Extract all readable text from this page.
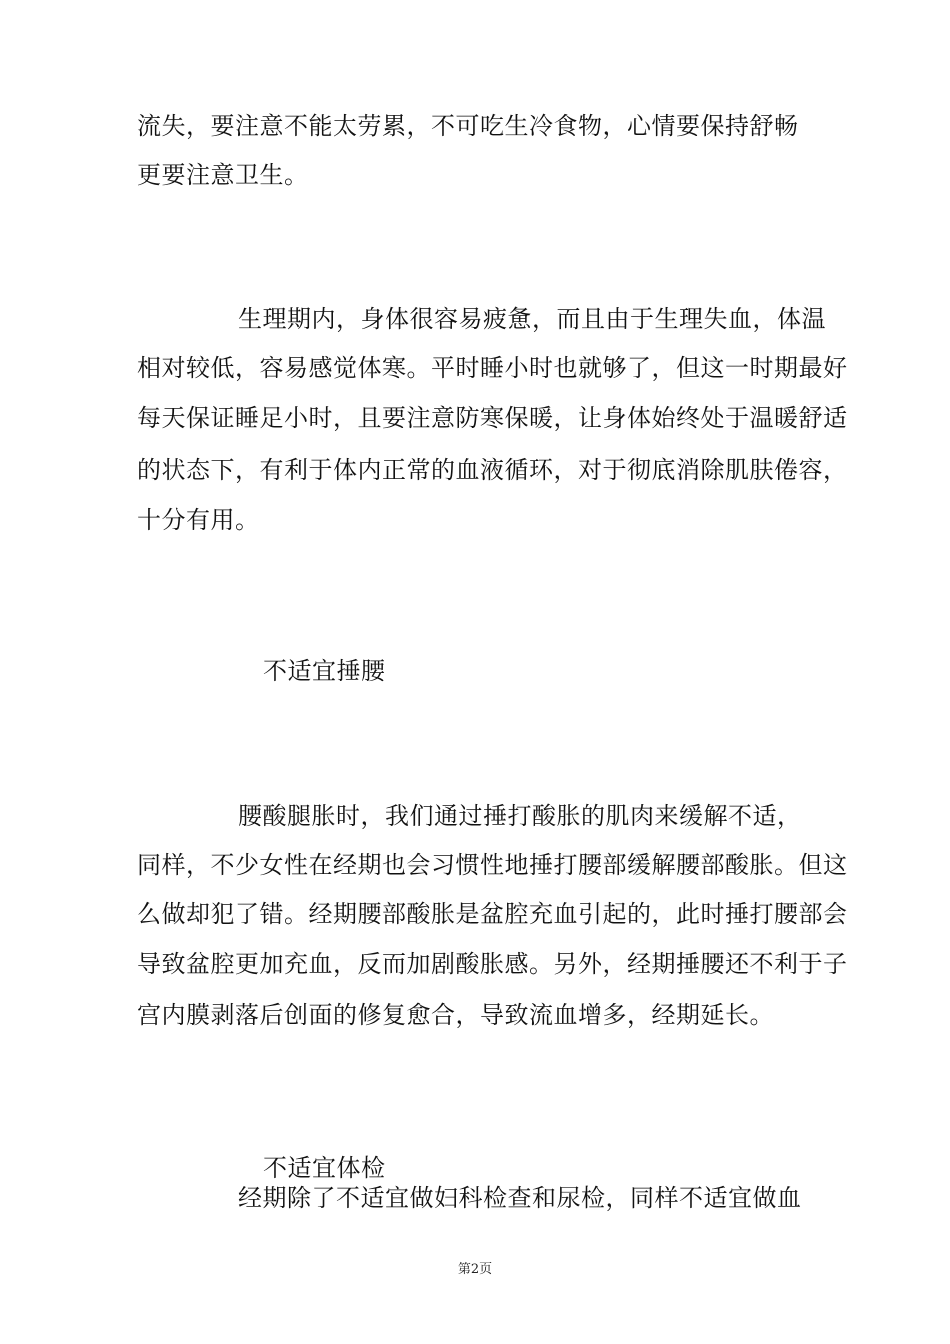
流失，要注意不能太劳累，不可吃生冷食物，心情要保持舒畅
更要注意卫生。
生理期内，身体很容易疲惫，而且由于生理失血，体温
相对较低，容易感觉体寒。平时睡小时也就够了，但这一时期最好
每天保证睡足小时，且要注意防寒保暖，让身体始终处于温暖舒适
的状态下，有利于体内正常的血液循环，对于彻底消除肌肤倦容，
十分有用。
不适宜捶腰
腰酸腿胀时，我们通过捶打酸胀的肌肉来缓解不适，
同样，不少女性在经期也会习惯性地捶打腰部缓解腰部酸胀。但这
么做却犯了错。经期腰部酸胀是盆腔充血引起的，此时捶打腰部会
导致盆腔更加充血，反而加剧酸胀感。另外，经期捶腰还不利于子
宫内膜剥落后创面的修复愈合，导致流血增多，经期延长。
不适宜体检
经期除了不适宜做妇科检查和尿检，同样不适宜做血
第2页
